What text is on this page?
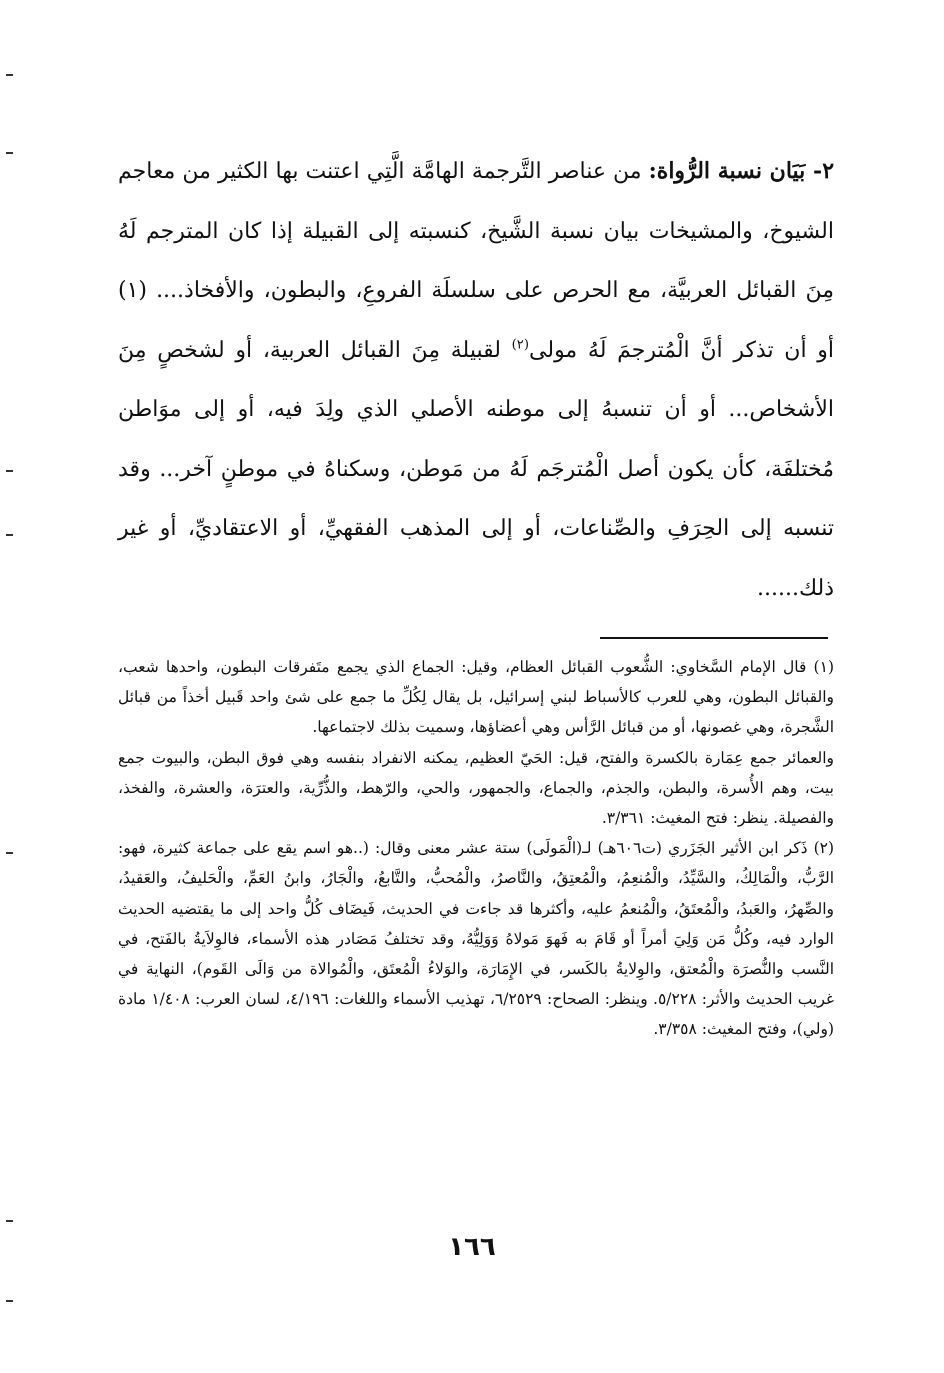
٢- بَيَان نسبة الرُّواة: من عناصر التَّرجمة الهامَّة الَّتِي اعتنت بها الكثير من معاجم الشيوخ، والمشيخات بيان نسبة الشَّيخ، كنسبته إلى القبيلة إذا كان المترجم لَهُ مِنَ القبائل العربيَّة، مع الحرص على سلسلَة الفروعِ، والبطون، والأفخاذ.... (١) أو أن تذكر أنَّ الْمُترجمَ لَهُ مولى$^{(٢)}$ لقبيلة مِنَ القبائل العربية، أو لشخصٍ مِنَ الأشخاص... أو أن تنسبهُ إلى موطنه الأصلي الذي ولِدَ فيه، أو إلى موَاطن مُختلفَة، كأن يكون أصل الْمُترجَم لَهُ من مَوطن، وسكناهُ في موطنٍ آخر... وقد تنسبه إلى الحِرَفِ والصِّناعات، أو إلى المذهب الفقهيِّ، أو الاعتقاديِّ، أو غير ذلك......

(١) قال الإمام السَّخاوي: الشُّعوب القبائل العظام، وقيل: الجماع الذي يجمع متَفرقات البطون، واحدها شعب، والقبائل البطون، وهي للعرب كالأسباط لبني إسرائيل، بل يقال لِكُلِّ ما جمع على شئ واحد قَبيل أخذاً من قبائل الشَّجرة، وهي غصونها، أو من قبائل الرَّأس وهي أعضاؤها، وسميت بذلك لاجتماعها.

والعمائر جمع عِمَارة بالكسرة والفتح، قيل: الحَيّ العظيم، يمكنه الانفراد بنفسه وهي فوق البطن، والبيوت جمع بيت، وهم الأُسرة، والبطن، والجذم، والجماع، والجمهور، والحي، والرّهط، والذُّرِّية، والعترَة، والعشرة، والفخذ، والفصيلة. ينظر: فتح المغيث: ٣/٣٦١.

(٢) ذَكر ابن الأثير الجَزَري (ت٦٠٦هـ) لـ(الْمَولَى) ستة عشر معنى وقال: (..هو اسم يقع على جماعة كثيرة، فهو: الرَّبُّ، والْمَالِكُ، والسَّيِّدُ، والْمُنعِمُ، والْمُعتِقُ، والنَّاصرُ، والْمُحبُّ، والتَّابعُ، والْجَارُ، وابنُ العَمِّ، والْحَليفُ، والعَقيدُ، والصِّهرُ، والعَبدُ، والْمُعتَقُ، والْمُنعمُ عليه، وأكثرها قد جاءت في الحديث، فَيضَاف كُلُّ واحد إلى ما يقتضيه الحديث الوارد فيه، وكُلُّ مَن وَلِيَ أمراً أو قَامَ به فَهوَ مَولاهُ وَوَلِيُّهُ، وقد تختلفُ مَصَادر هذه الأسماء، فالوِلاَيةُ بالفَتح، في النَّسب والنُّصرَة والْمُعتق، والوِلايةُ بالكَسر، في الإِمَارَة، والوَلاءُ الْمُعتَق، والْمُوالاة من وَالَى القَوم)، النهاية في غريب الحديث والأثر: ٥/٢٢٨. وينظر: الصحاح: ٦/٢٥٢٩، تهذيب الأسماء واللغات: ٤/١٩٦، لسان العرب: ١/٤٠٨ مادة (ولي)، وفتح المغيث: ٣/٣٥٨.

١٦٦
